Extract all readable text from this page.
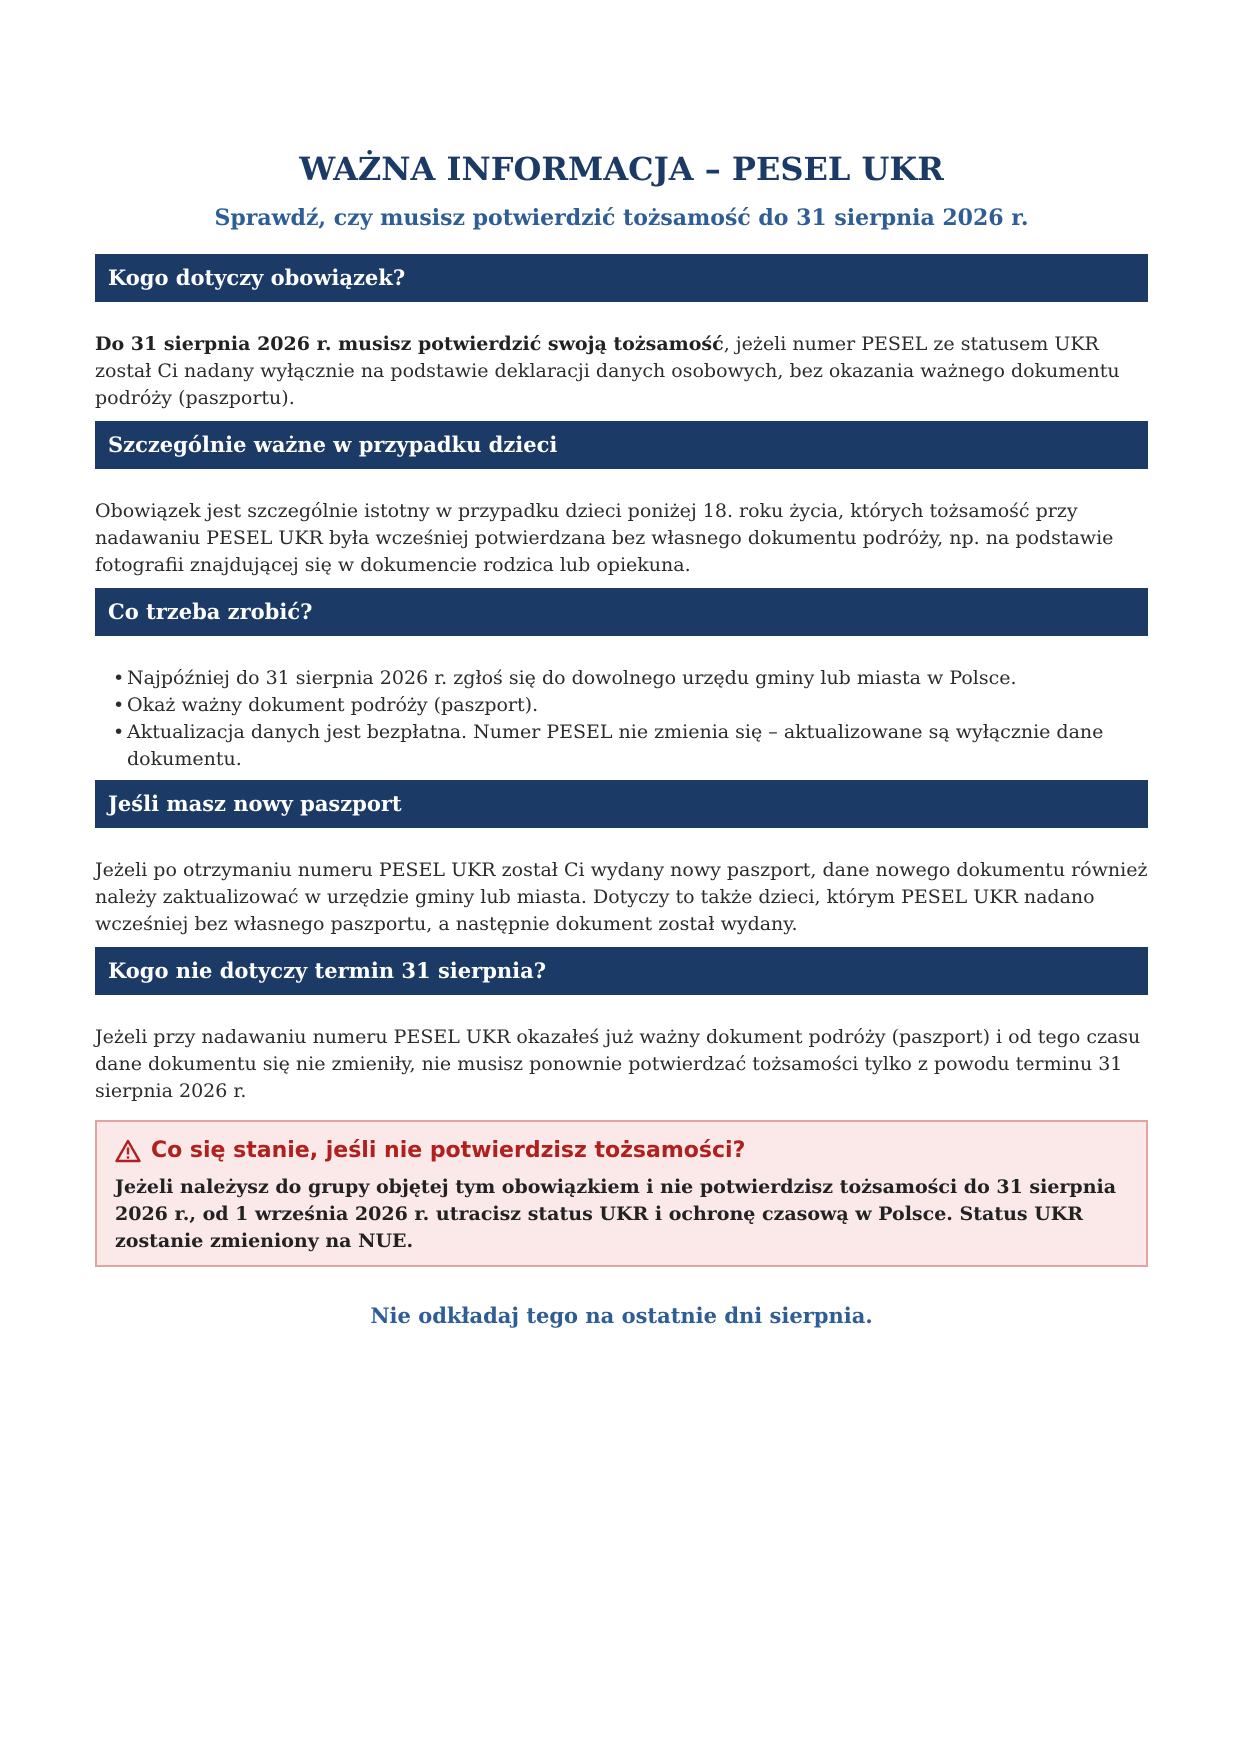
WAŻNA INFORMACJA – PESEL UKR
Sprawdź, czy musisz potwierdzić tożsamość do 31 sierpnia 2026 r.
Kogo dotyczy obowiązek?

Do 31 sierpnia 2026 r. musisz potwierdzić swoją tożsamość, jeżeli numer PESEL ze statusem UKR został Ci nadany wyłącznie na podstawie deklaracji danych osobowych, bez okazania ważnego dokumentu podróży (paszportu).

Szczególnie ważne w przypadku dzieci

Obowiązek jest szczególnie istotny w przypadku dzieci poniżej 18. roku życia, których tożsamość przy nadawaniu PESEL UKR była wcześniej potwierdzana bez własnego dokumentu podróży, np. na podstawie fotografii znajdującej się w dokumencie rodzica lub opiekuna.

Co trzeba zrobić?
• Najpóźniej do 31 sierpnia 2026 r. zgłoś się do dowolnego urzędu gminy lub miasta w Polsce.
• Okaż ważny dokument podróży (paszport).
• Aktualizacja danych jest bezpłatna. Numer PESEL nie zmienia się – aktualizowane są wyłącznie dane dokumentu.
Jeśli masz nowy paszport

Jeżeli po otrzymaniu numeru PESEL UKR został Ci wydany nowy paszport, dane nowego dokumentu również należy zaktualizować w urzędzie gminy lub miasta. Dotyczy to także dzieci, którym PESEL UKR nadano wcześniej bez własnego paszportu, a następnie dokument został wydany.

Kogo nie dotyczy termin 31 sierpnia?

Jeżeli przy nadawaniu numeru PESEL UKR okazałeś już ważny dokument podróży (paszport) i od tego czasu dane dokumentu się nie zmieniły, nie musisz ponownie potwierdzać tożsamości tylko z powodu terminu 31 sierpnia 2026 r.

Co się stanie, jeśli nie potwierdzisz tożsamości?

Jeżeli należysz do grupy objętej tym obowiązkiem i nie potwierdzisz tożsamości do 31 sierpnia 2026 r., od 1 września 2026 r. utracisz status UKR i ochronę czasową w Polsce. Status UKR zostanie zmieniony na NUE.

Nie odkładaj tego na ostatnie dni sierpnia.
